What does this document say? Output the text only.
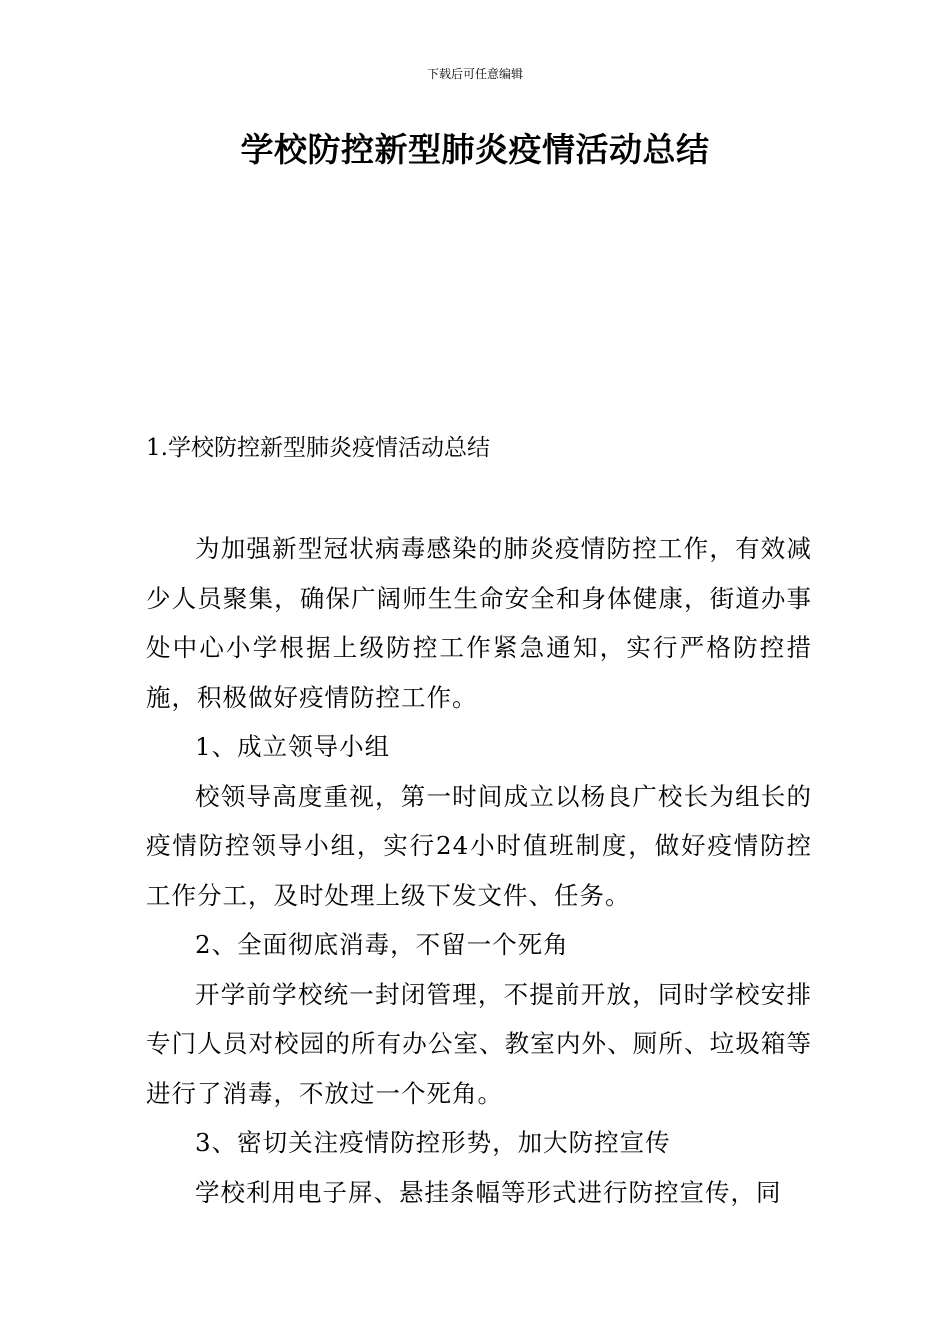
下载后可任意编辑
学校防控新型肺炎疫情活动总结
1.学校防控新型肺炎疫情活动总结

为加强新型冠状病毒感染的肺炎疫情防控工作，有效减少人员聚集，确保广阔师生生命安全和身体健康，街道办事处中心小学根据上级防控工作紧急通知，实行严格防控措施，积极做好疫情防控工作。

1、成立领导小组

校领导高度重视，第一时间成立以杨良广校长为组长的疫情防控领导小组，实行24小时值班制度，做好疫情防控工作分工，及时处理上级下发文件、任务。

2、全面彻底消毒，不留一个死角

开学前学校统一封闭管理，不提前开放，同时学校安排专门人员对校园的所有办公室、教室内外、厕所、垃圾箱等进行了消毒，不放过一个死角。

3、密切关注疫情防控形势，加大防控宣传

学校利用电子屏、悬挂条幅等形式进行防控宣传，同
